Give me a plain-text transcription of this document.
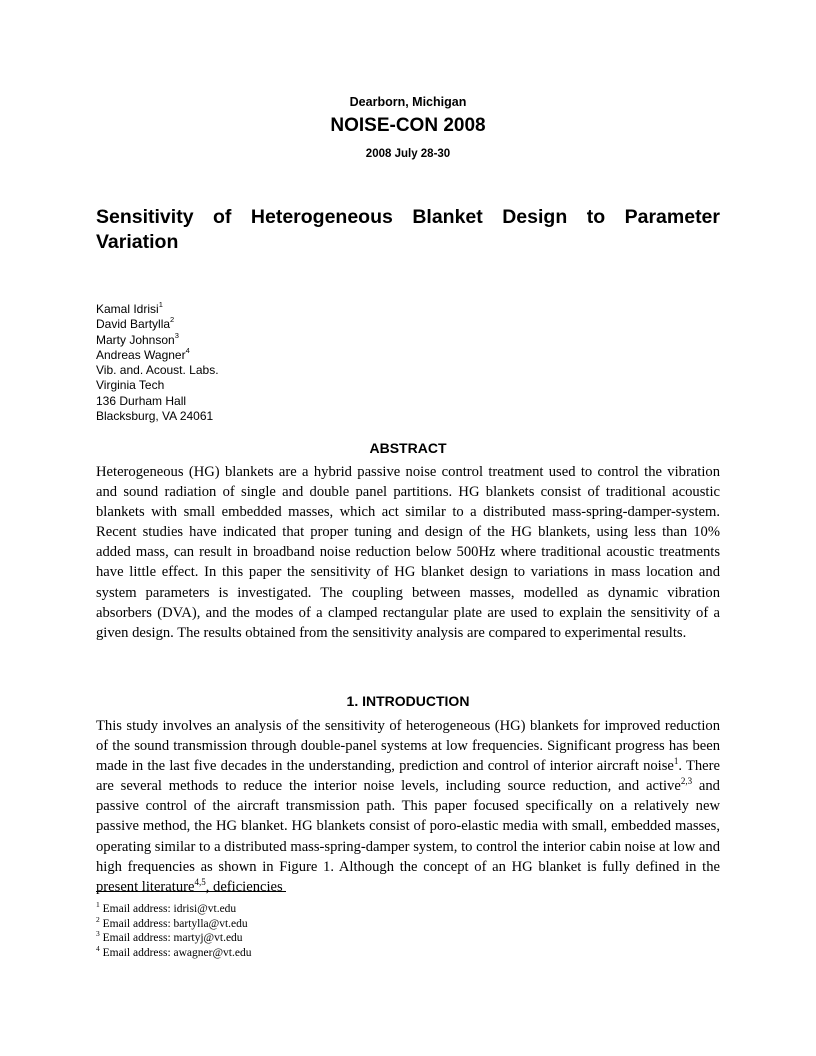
Dearborn, Michigan
NOISE-CON 2008
2008 July 28-30
Sensitivity of Heterogeneous Blanket Design to Parameter Variation
Kamal Idrisi$^1$
David Bartylla$^2$
Marty Johnson$^3$
Andreas Wagner$^4$
Vib. and. Acoust. Labs.
Virginia Tech
136 Durham Hall
Blacksburg, VA 24061
ABSTRACT
Heterogeneous (HG) blankets are a hybrid passive noise control treatment used to control the vibration and sound radiation of single and double panel partitions. HG blankets consist of traditional acoustic blankets with small embedded masses, which act similar to a distributed mass-spring-damper-system. Recent studies have indicated that proper tuning and design of the HG blankets, using less than 10% added mass, can result in broadband noise reduction below 500Hz where traditional acoustic treatments have little effect. In this paper the sensitivity of HG blanket design to variations in mass location and system parameters is investigated. The coupling between masses, modelled as dynamic vibration absorbers (DVA), and the modes of a clamped rectangular plate are used to explain the sensitivity of a given design. The results obtained from the sensitivity analysis are compared to experimental results.
1. INTRODUCTION
This study involves an analysis of the sensitivity of heterogeneous (HG) blankets for improved reduction of the sound transmission through double-panel systems at low frequencies. Significant progress has been made in the last five decades in the understanding, prediction and control of interior aircraft noise$^1$. There are several methods to reduce the interior noise levels, including source reduction, and active$^{2,3}$ and passive control of the aircraft transmission path. This paper focused specifically on a relatively new passive method, the HG blanket. HG blankets consist of poro-elastic media with small, embedded masses, operating similar to a distributed mass-spring-damper system, to control the interior cabin noise at low and high frequencies as shown in Figure 1. Although the concept of an HG blanket is fully defined in the present literature$^{4,5}$, deficiencies
$^1$ Email address: idrisi@vt.edu
$^2$ Email address: bartylla@vt.edu
$^3$ Email address: martyj@vt.edu
$^4$ Email address: awagner@vt.edu
